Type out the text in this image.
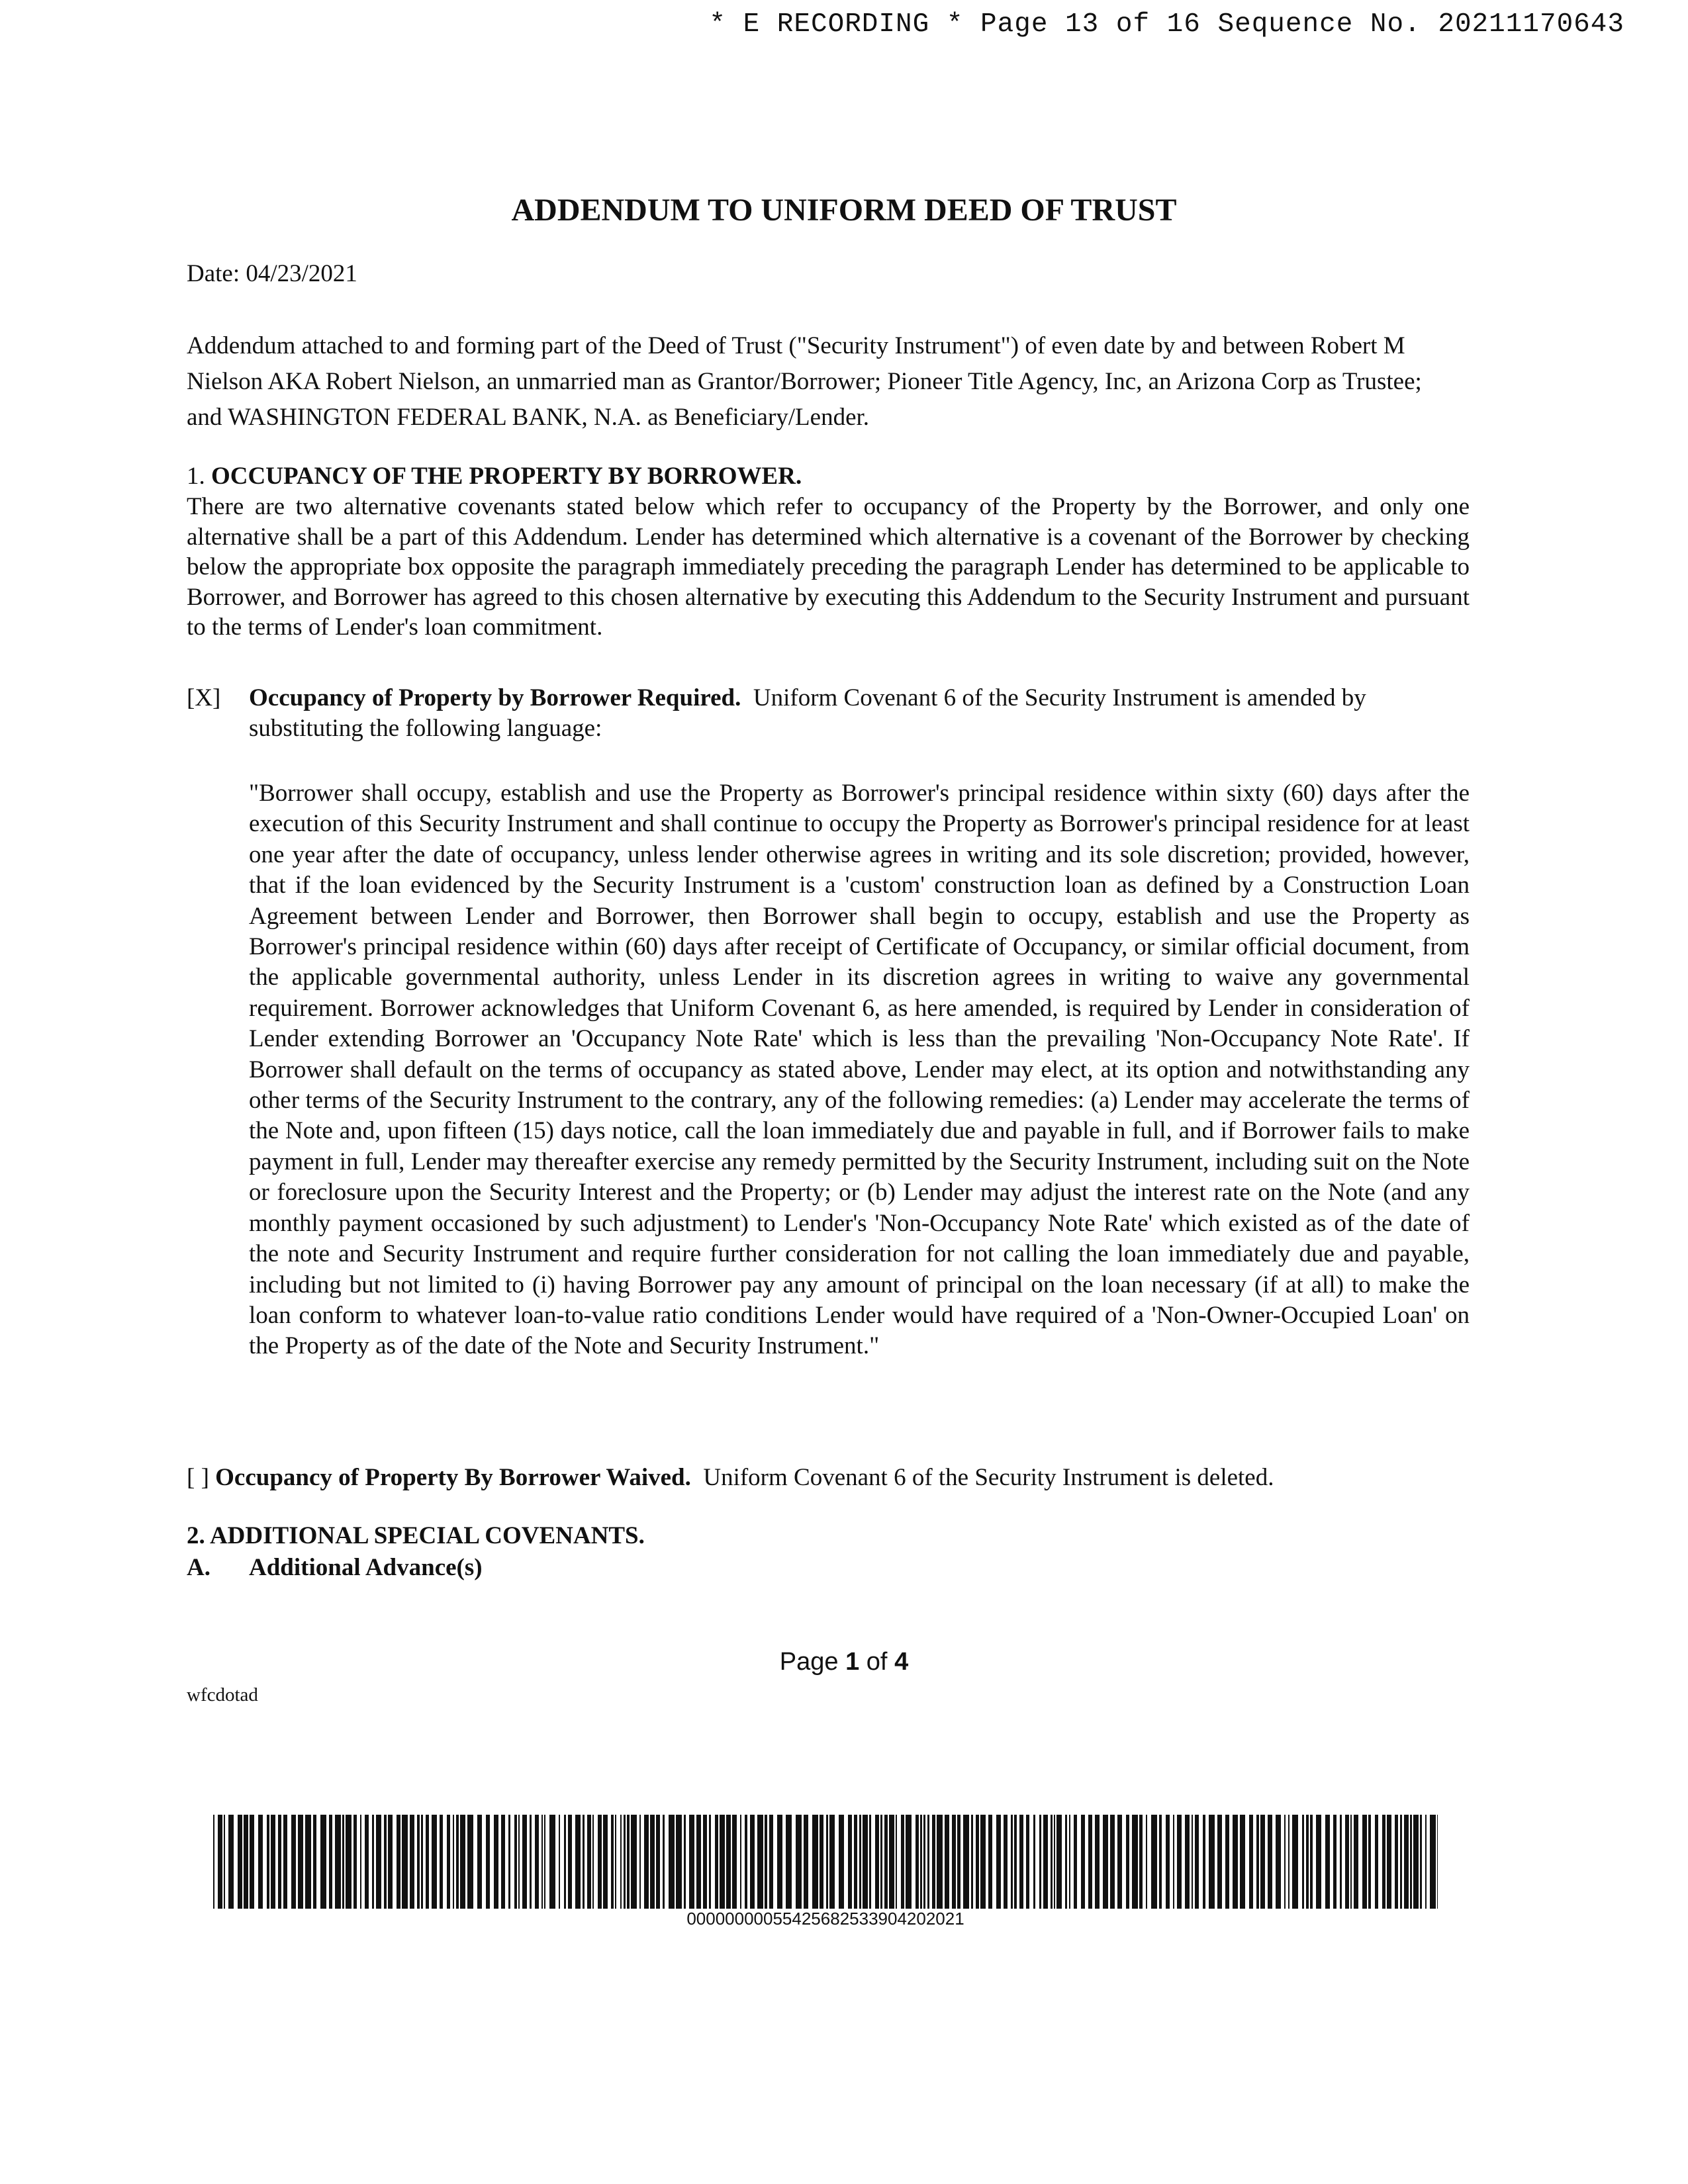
* E RECORDING * Page 13 of 16 Sequence No. 20211170643
ADDENDUM TO UNIFORM DEED OF TRUST
Date: 04/23/2021
Addendum attached to and forming part of the Deed of Trust ("Security Instrument") of even date by and between Robert M Nielson AKA Robert Nielson, an unmarried man as Grantor/Borrower; Pioneer Title Agency, Inc, an Arizona Corp as Trustee; and WASHINGTON FEDERAL BANK, N.A. as Beneficiary/Lender.
1. OCCUPANCY OF THE PROPERTY BY BORROWER.
There are two alternative covenants stated below which refer to occupancy of the Property by the Borrower, and only one alternative shall be a part of this Addendum. Lender has determined which alternative is a covenant of the Borrower by checking below the appropriate box opposite the paragraph immediately preceding the paragraph Lender has determined to be applicable to Borrower, and Borrower has agreed to this chosen alternative by executing this Addendum to the Security Instrument and pursuant to the terms of Lender's loan commitment.
[X] Occupancy of Property by Borrower Required. Uniform Covenant 6 of the Security Instrument is amended by substituting the following language:
"Borrower shall occupy, establish and use the Property as Borrower's principal residence within sixty (60) days after the execution of this Security Instrument and shall continue to occupy the Property as Borrower's principal residence for at least one year after the date of occupancy, unless lender otherwise agrees in writing and its sole discretion; provided, however, that if the loan evidenced by the Security Instrument is a 'custom' construction loan as defined by a Construction Loan Agreement between Lender and Borrower, then Borrower shall begin to occupy, establish and use the Property as Borrower's principal residence within (60) days after receipt of Certificate of Occupancy, or similar official document, from the applicable governmental authority, unless Lender in its discretion agrees in writing to waive any governmental requirement. Borrower acknowledges that Uniform Covenant 6, as here amended, is required by Lender in consideration of Lender extending Borrower an 'Occupancy Note Rate' which is less than the prevailing 'Non-Occupancy Note Rate'. If Borrower shall default on the terms of occupancy as stated above, Lender may elect, at its option and notwithstanding any other terms of the Security Instrument to the contrary, any of the following remedies: (a) Lender may accelerate the terms of the Note and, upon fifteen (15) days notice, call the loan immediately due and payable in full, and if Borrower fails to make payment in full, Lender may thereafter exercise any remedy permitted by the Security Instrument, including suit on the Note or foreclosure upon the Security Interest and the Property; or (b) Lender may adjust the interest rate on the Note (and any monthly payment occasioned by such adjustment) to Lender's 'Non-Occupancy Note Rate' which existed as of the date of the note and Security Instrument and require further consideration for not calling the loan immediately due and payable, including but not limited to (i) having Borrower pay any amount of principal on the loan necessary (if at all) to make the loan conform to whatever loan-to-value ratio conditions Lender would have required of a 'Non-Owner-Occupied Loan' on the Property as of the date of the Note and Security Instrument."
[ ] Occupancy of Property By Borrower Waived. Uniform Covenant 6 of the Security Instrument is deleted.
2. ADDITIONAL SPECIAL COVENANTS.
A. Additional Advance(s)
Page 1 of 4
wfcdotad
00000000055425682533904202021
